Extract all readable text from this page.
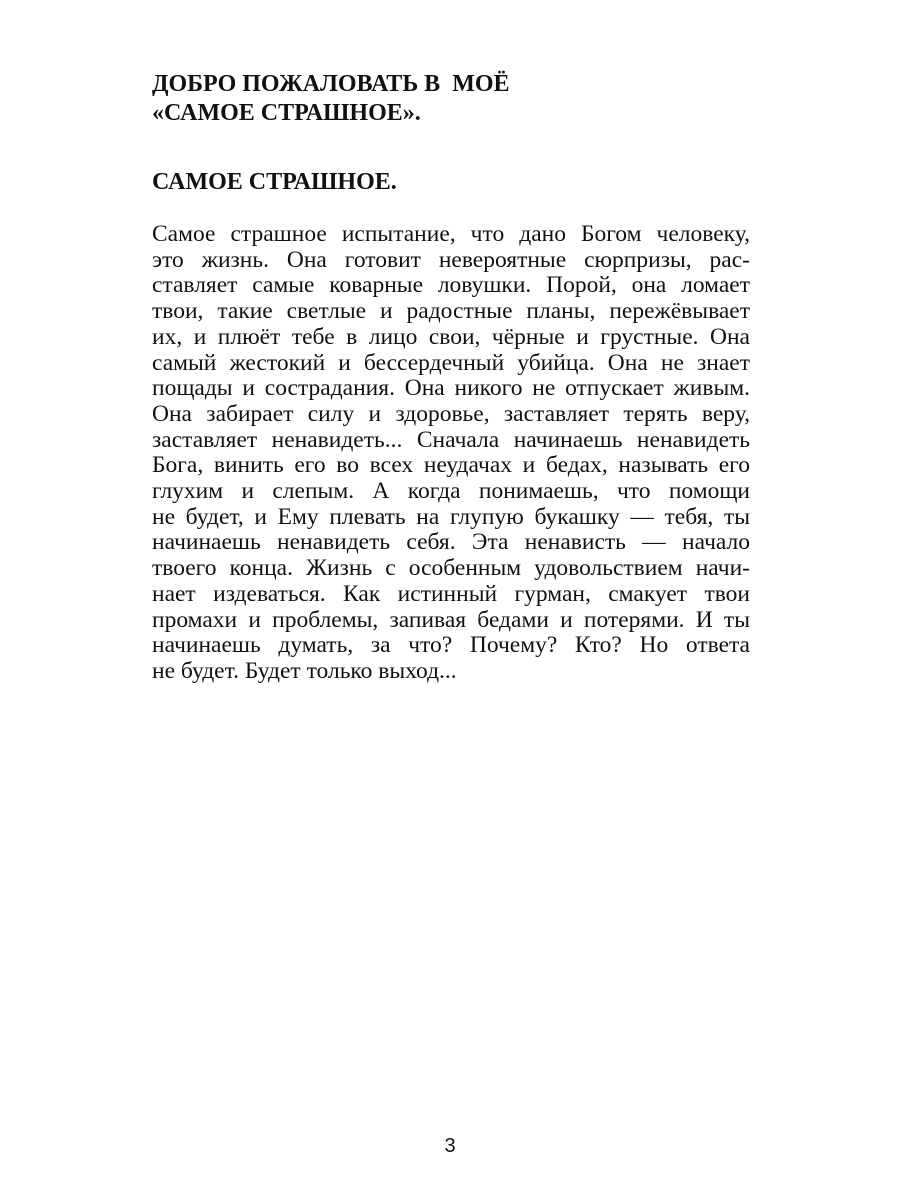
ДОБРО ПОЖАЛОВАТЬ В  МОЁ
«САМОЕ СТРАШНОЕ».
САМОЕ СТРАШНОЕ.
Самое страшное испытание, что дано Богом человеку,
это жизнь. Она готовит невероятные сюрпризы, рас-
ставляет самые коварные ловушки. Порой, она ломает
твои, такие светлые и радостные планы, пережёвывает
их, и плюёт тебе в лицо свои, чёрные и грустные. Она
самый жестокий и бессердечный убийца. Она не знает
пощады и сострадания. Она никого не отпускает живым.
Она забирает силу и здоровье, заставляет терять веру,
заставляет ненавидеть... Сначала начинаешь ненавидеть
Бога, винить его во всех неудачах и бедах, называть его
глухим и слепым. А когда понимаешь, что помощи
не будет, и Ему плевать на глупую букашку — тебя, ты
начинаешь ненавидеть себя. Эта ненависть — начало
твоего конца. Жизнь с особенным удовольствием начи-
нает издеваться. Как истинный гурман, смакует твои
промахи и проблемы, запивая бедами и потерями. И ты
начинаешь думать, за что? Почему? Кто? Но ответа
не будет. Будет только выход...
3
